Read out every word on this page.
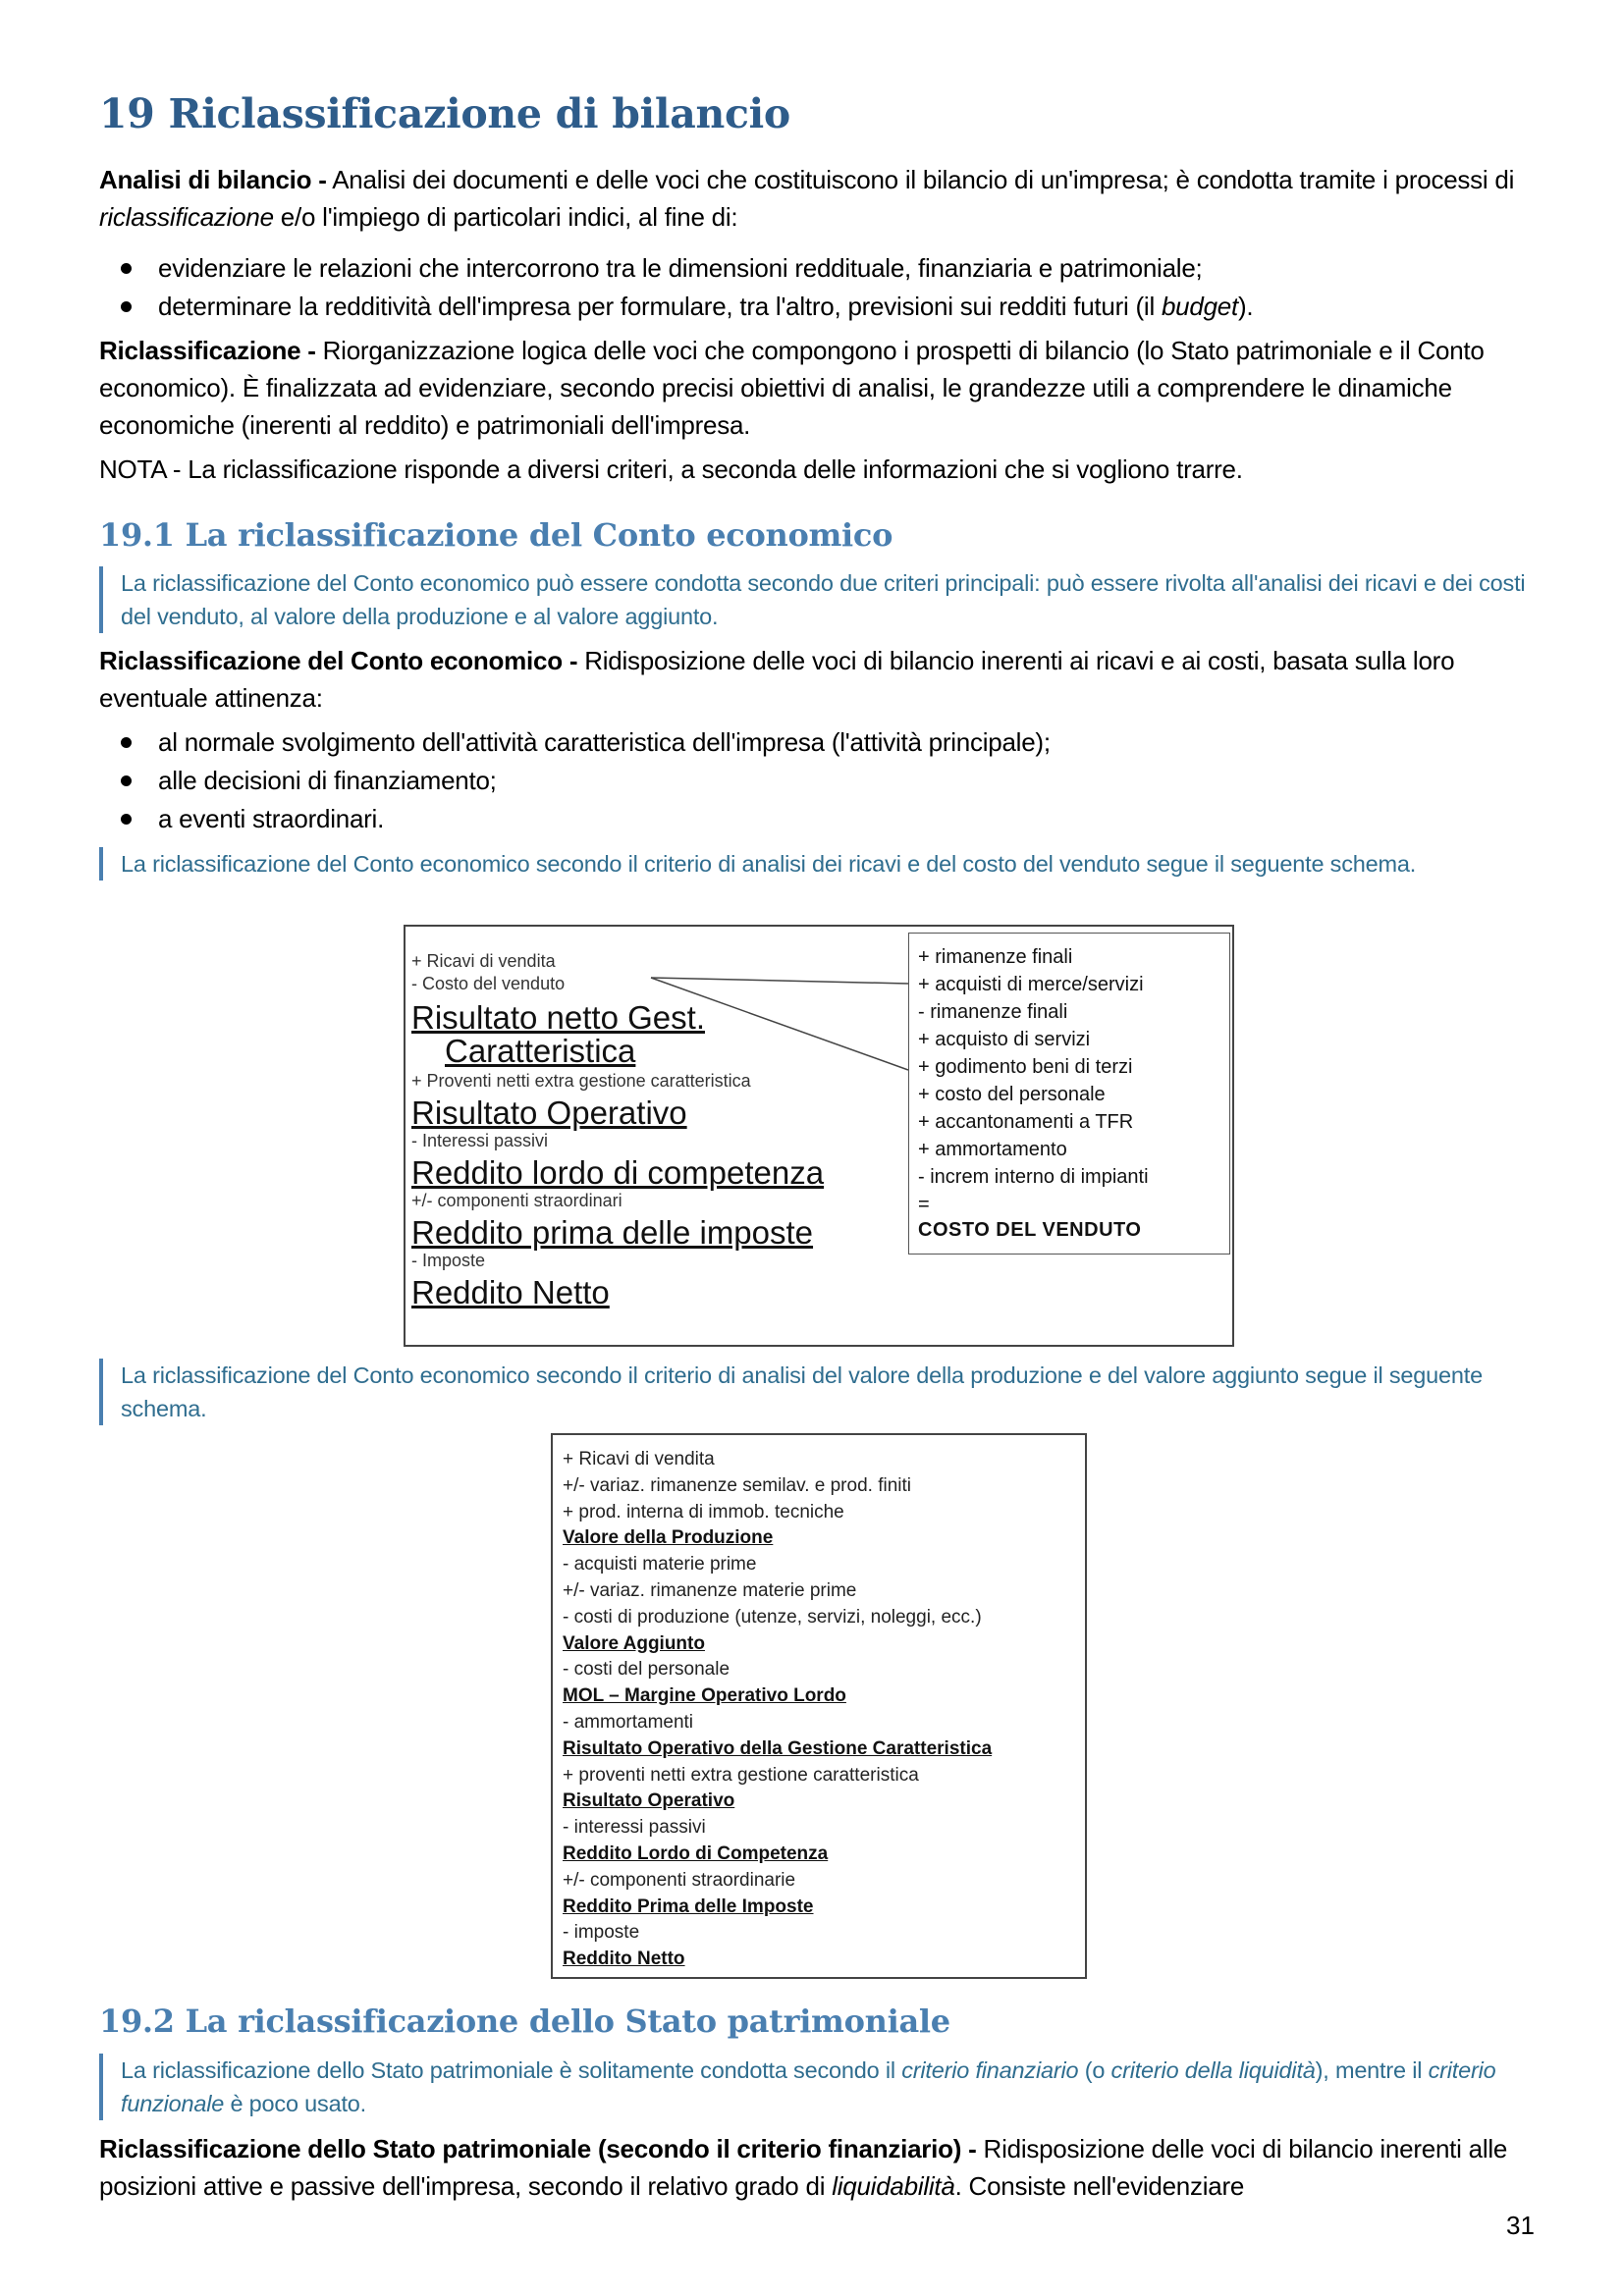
19 Riclassificazione di bilancio

Analisi di bilancio - Analisi dei documenti e delle voci che costituiscono il bilancio di un'impresa; è condotta tramite i processi di riclassificazione e/o l'impiego di particolari indici, al fine di:

evidenziare le relazioni che intercorrono tra le dimensioni reddituale, finanziaria e patrimoniale;
determinare la redditività dell'impresa per formulare, tra l'altro, previsioni sui redditi futuri (il budget).

Riclassificazione - Riorganizzazione logica delle voci che compongono i prospetti di bilancio (lo Stato patrimoniale e il Conto economico). È finalizzata ad evidenziare, secondo precisi obiettivi di analisi, le grandezze utili a comprendere le dinamiche economiche (inerenti al reddito) e patrimoniali dell'impresa.

NOTA - La riclassificazione risponde a diversi criteri, a seconda delle informazioni che si vogliono trarre.

19.1 La riclassificazione del Conto economico
La riclassificazione del Conto economico può essere condotta secondo due criteri principali: può essere rivolta all'analisi dei ricavi e dei costi del venduto, al valore della produzione e al valore aggiunto.

Riclassificazione del Conto economico - Ridisposizione delle voci di bilancio inerenti ai ricavi e ai costi, basata sulla loro eventuale attinenza:

al normale svolgimento dell'attività caratteristica dell'impresa (l'attività principale);
alle decisioni di finanziamento;
a eventi straordinari.
La riclassificazione del Conto economico secondo il criterio di analisi dei ricavi e del costo del venduto segue il seguente schema.
+ Ricavi di vendita
- Costo del venduto
Risultato netto Gest.
Caratteristica
+ Proventi netti extra gestione caratteristica
Risultato Operativo
- Interessi passivi
Reddito lordo di competenza
+/- componenti straordinari
Reddito prima delle imposte
- Imposte
Reddito Netto
+ rimanenze finali
+ acquisti di merce/servizi
- rimanenze finali
+ acquisto di servizi
+ godimento beni di terzi
+ costo del personale
+ accantonamenti a TFR
+ ammortamento
- increm interno di impianti
=
COSTO DEL VENDUTO
La riclassificazione del Conto economico secondo il criterio di analisi del valore della produzione e del valore aggiunto segue il seguente schema.
+ Ricavi di vendita
+/- variaz. rimanenze semilav. e prod. finiti
+ prod. interna di immob. tecniche
Valore della Produzione
- acquisti materie prime
+/- variaz. rimanenze materie prime
- costi di produzione (utenze, servizi, noleggi, ecc.)
Valore Aggiunto
- costi del personale
MOL – Margine Operativo Lordo
- ammortamenti
Risultato Operativo della Gestione Caratteristica
+ proventi netti extra gestione caratteristica
Risultato Operativo
- interessi passivi
Reddito Lordo di Competenza
+/- componenti straordinarie
Reddito Prima delle Imposte
- imposte
Reddito Netto
19.2 La riclassificazione dello Stato patrimoniale
La riclassificazione dello Stato patrimoniale è solitamente condotta secondo il criterio finanziario (o criterio della liquidità), mentre il criterio funzionale è poco usato.

Riclassificazione dello Stato patrimoniale (secondo il criterio finanziario) - Ridisposizione delle voci di bilancio inerenti alle posizioni attive e passive dell'impresa, secondo il relativo grado di liquidabilità. Consiste nell'evidenziare

31
